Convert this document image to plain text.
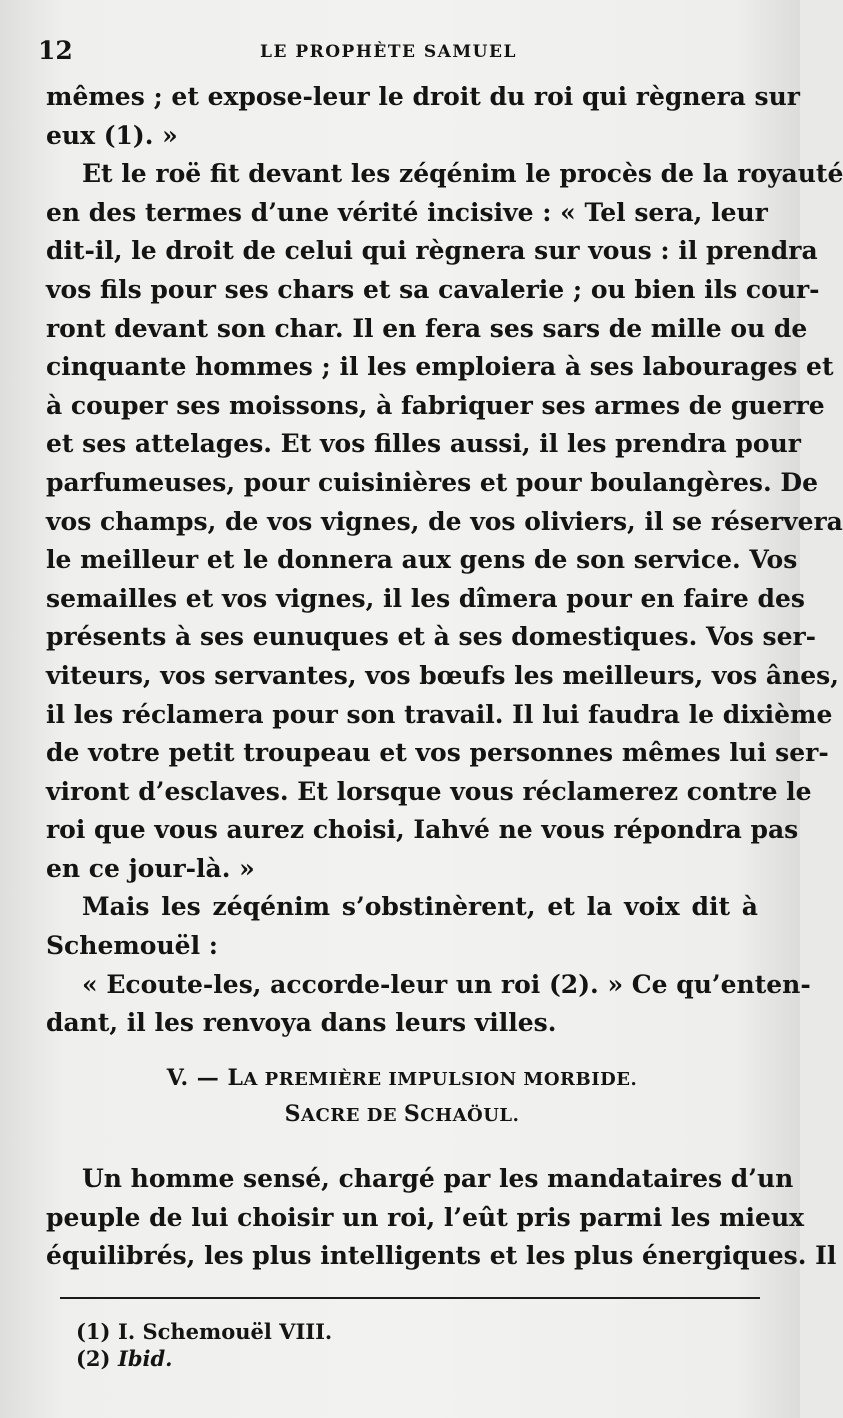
12	LE PROPHÈTE SAMUEL
mêmes ; et expose-leur le droit du roi qui règnera sur
eux (1). »
Et le roë fit devant les zéqénim le procès de la royauté
en des termes d’une vérité incisive : « Tel sera, leur
dit-il, le droit de celui qui règnera sur vous : il prendra
vos fils pour ses chars et sa cavalerie ; ou bien ils cour-
ront devant son char. Il en fera ses sars de mille ou de
cinquante hommes ; il les emploiera à ses labourages et
à couper ses moissons, à fabriquer ses armes de guerre
et ses attelages. Et vos filles aussi, il les prendra pour
parfumeuses, pour cuisinières et pour boulangères. De
vos champs, de vos vignes, de vos oliviers, il se réservera
le meilleur et le donnera aux gens de son service. Vos
semailles et vos vignes, il les dîmera pour en faire des
présents à ses eunuques et à ses domestiques. Vos ser-
viteurs, vos servantes, vos bœufs les meilleurs, vos ânes,
il les réclamera pour son travail. Il lui faudra le dixième
de votre petit troupeau et vos personnes mêmes lui ser-
viront d’esclaves. Et lorsque vous réclamerez contre le
roi que vous aurez choisi, Iahvé ne vous répondra pas
en ce jour-là. »
Mais les zéqénim s’obstinèrent, et la voix dit à
Schemouël :
« Ecoute-les, accorde-leur un roi (2). » Ce qu’enten-
dant, il les renvoya dans leurs villes.
V. — LA PREMIÈRE IMPULSION MORBIDE.
SACRE DE SCHAÖUL.
Un homme sensé, chargé par les mandataires d’un
peuple de lui choisir un roi, l’eût pris parmi les mieux
équilibrés, les plus intelligents et les plus énergiques. Il
(1) I. Schemouël VIII.
(2) Ibid.
